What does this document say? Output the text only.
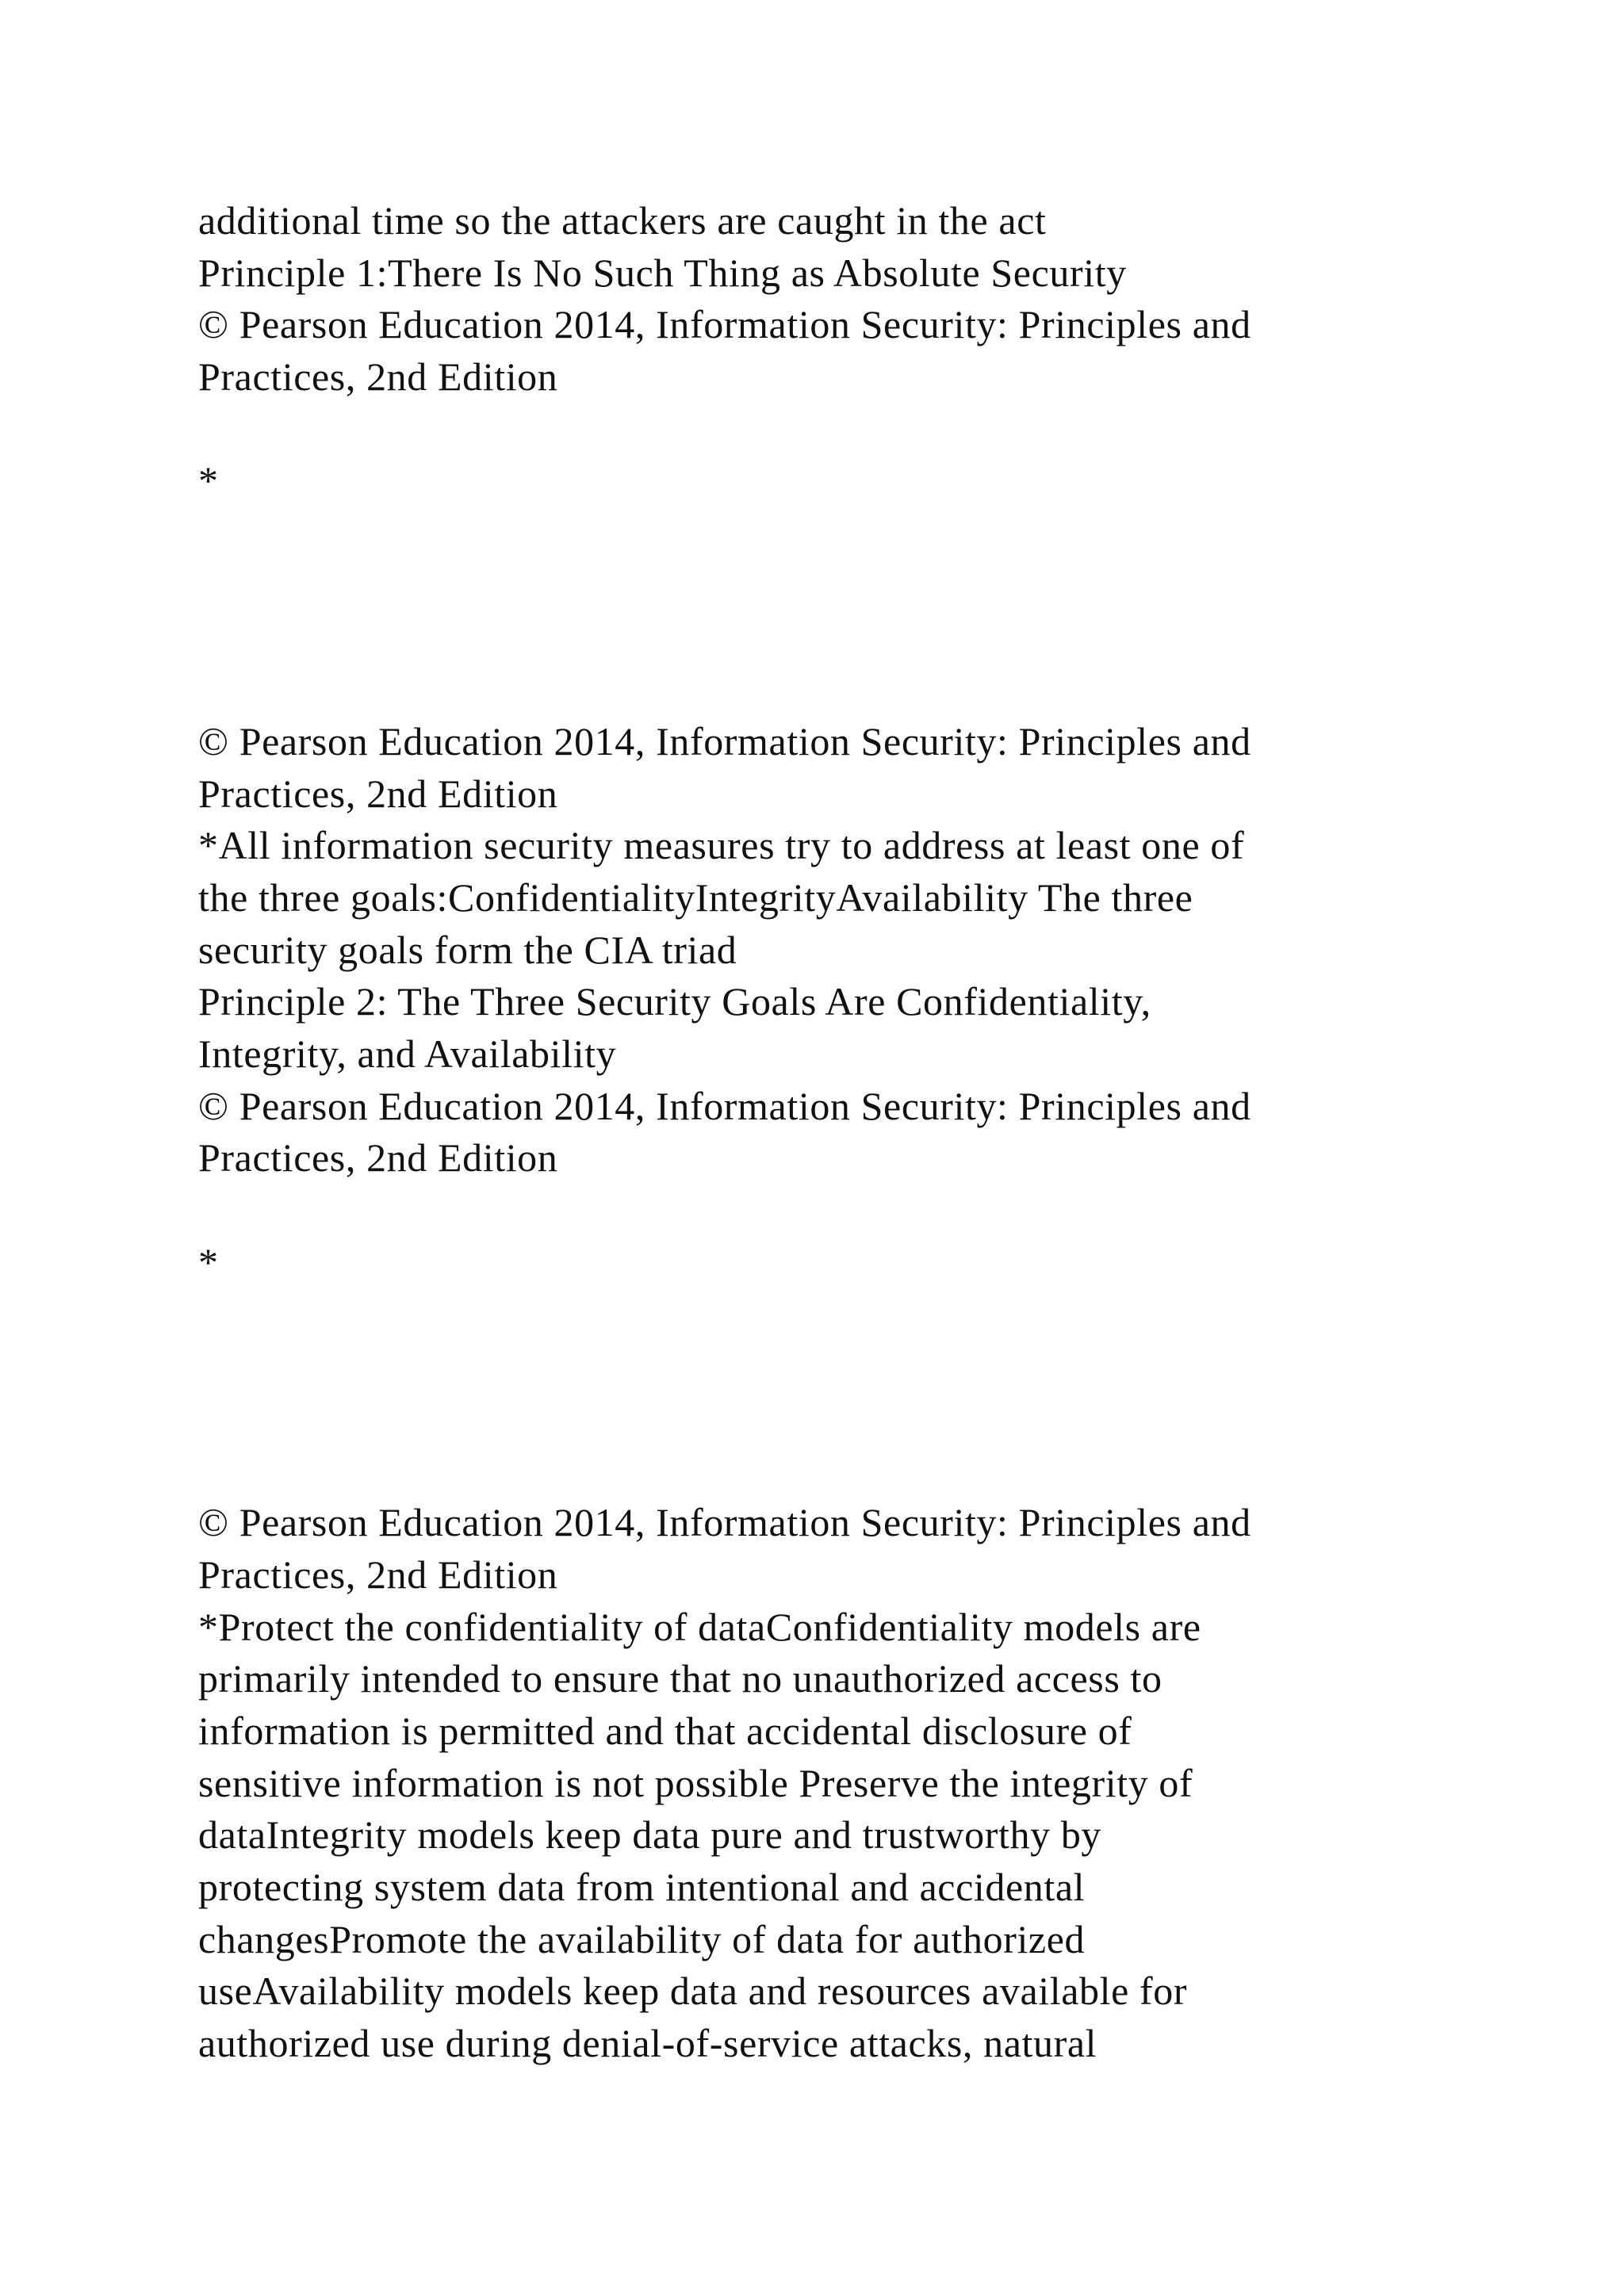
additional time so the attackers are caught in the act
Principle 1:There Is No Such Thing as Absolute Security
© Pearson Education 2014, Information Security: Principles and
Practices, 2nd Edition
*
© Pearson Education 2014, Information Security: Principles and
Practices, 2nd Edition
*All information security measures try to address at least one of
the three goals:ConfidentialityIntegrityAvailability The three
security goals form the CIA triad
Principle 2: The Three Security Goals Are Confidentiality,
Integrity, and Availability
© Pearson Education 2014, Information Security: Principles and
Practices, 2nd Edition
*
© Pearson Education 2014, Information Security: Principles and
Practices, 2nd Edition
*Protect the confidentiality of dataConfidentiality models are
primarily intended to ensure that no unauthorized access to
information is permitted and that accidental disclosure of
sensitive information is not possible Preserve the integrity of
dataIntegrity models keep data pure and trustworthy by
protecting system data from intentional and accidental
changesPromote the availability of data for authorized
useAvailability models keep data and resources available for
authorized use during denial-of-service attacks, natural
